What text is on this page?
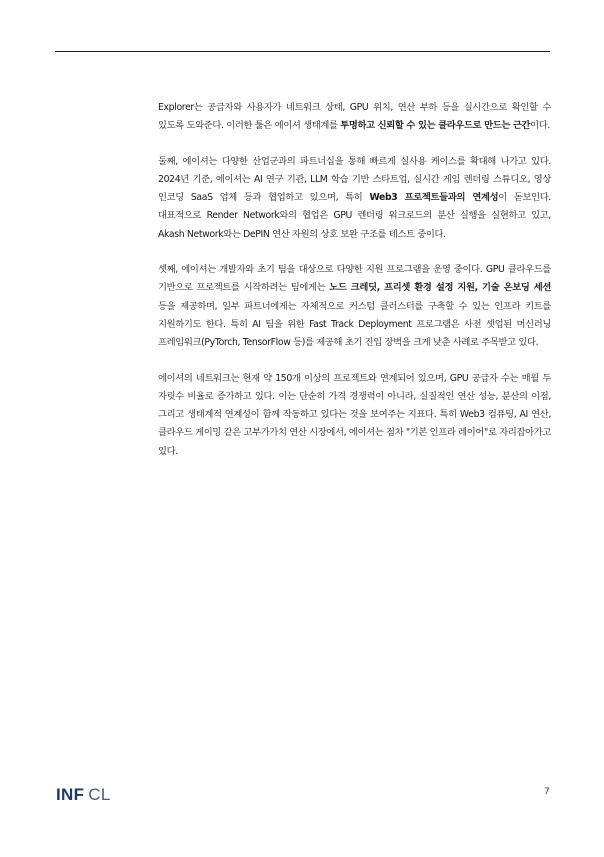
Explorer는 공급자와 사용자가 네트워크 상태, GPU 위치, 연산 부하 등을 실시간으로 확인할 수 있도록 도와준다. 이러한 툴은 에이셔 생태계를 투명하고 신뢰할 수 있는 클라우드로 만드는 근간이다.

둘째, 에이셔는 다양한 산업군과의 파트너십을 통해 빠르게 실사용 케이스를 확대해 나가고 있다. 2024년 기준, 에이셔는 AI 연구 기관, LLM 학습 기반 스타트업, 실시간 게임 렌더링 스튜디오, 영상 인코딩 SaaS 업체 등과 협업하고 있으며, 특히 Web3 프로젝트들과의 연계성이 돋보인다. 대표적으로 Render Network와의 협업은 GPU 렌더링 워크로드의 분산 실행을 실현하고 있고, Akash Network와는 DePIN 연산 자원의 상호 보완 구조를 테스트 중이다.

셋째, 에이셔는 개발자와 초기 팀을 대상으로 다양한 지원 프로그램을 운영 중이다. GPU 클라우드를 기반으로 프로젝트를 시작하려는 팀에게는 노드 크레딧, 프리셋 환경 설정 지원, 기술 온보딩 세션 등을 제공하며, 일부 파트너에게는 자체적으로 커스텀 클러스터를 구축할 수 있는 인프라 키트를 지원하기도 한다. 특히 AI 팀을 위한 Fast Track Deployment 프로그램은 사전 셋업된 머신러닝 프레임워크(PyTorch, TensorFlow 등)를 제공해 초기 진입 장벽을 크게 낮춘 사례로 주목받고 있다.

에이셔의 네트워크는 현재 약 150개 이상의 프로젝트와 연계되어 있으며, GPU 공급자 수는 매월 두 자릿수 비율로 증가하고 있다. 이는 단순히 가격 경쟁력이 아니라, 실질적인 연산 성능, 분산의 이점, 그리고 생태계적 연계성이 함께 작동하고 있다는 것을 보여주는 지표다. 특히 Web3 컴퓨팅, AI 연산, 클라우드 게이밍 같은 고부가가치 연산 시장에서, 에이셔는 점차 "기본 인프라 레이어"로 자리잡아가고 있다.

INF CL	7
